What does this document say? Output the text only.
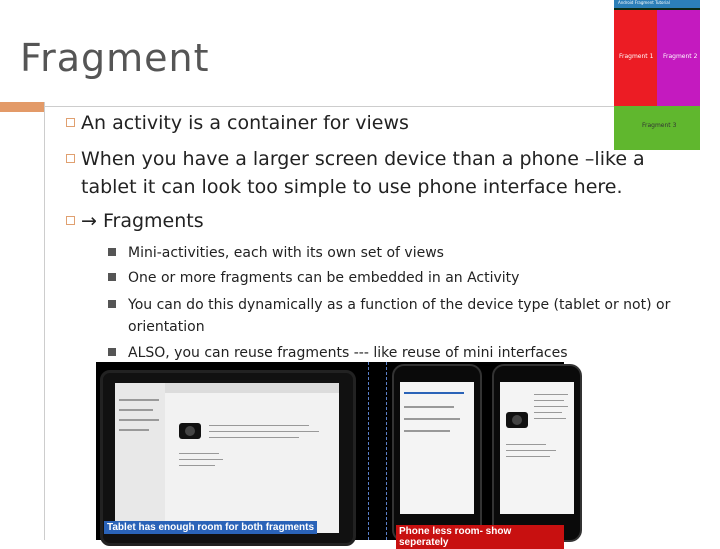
Fragment
Android Fragment Tutorial
Fragment 1 Fragment 2
Fragment 3
An activity is a container for views
When you have a larger screen device than a phone –like a
tablet it can look too simple to use phone interface here.
→ Fragments
Mini-activities, each with its own set of views
One or more fragments can be embedded in an Activity
You can do this dynamically as a function of the device type (tablet or not) or
orientation
ALSO, you can reuse fragments --- like reuse of mini interfaces
Tablet has enough room for both fragments	Phone less room- show seperately
